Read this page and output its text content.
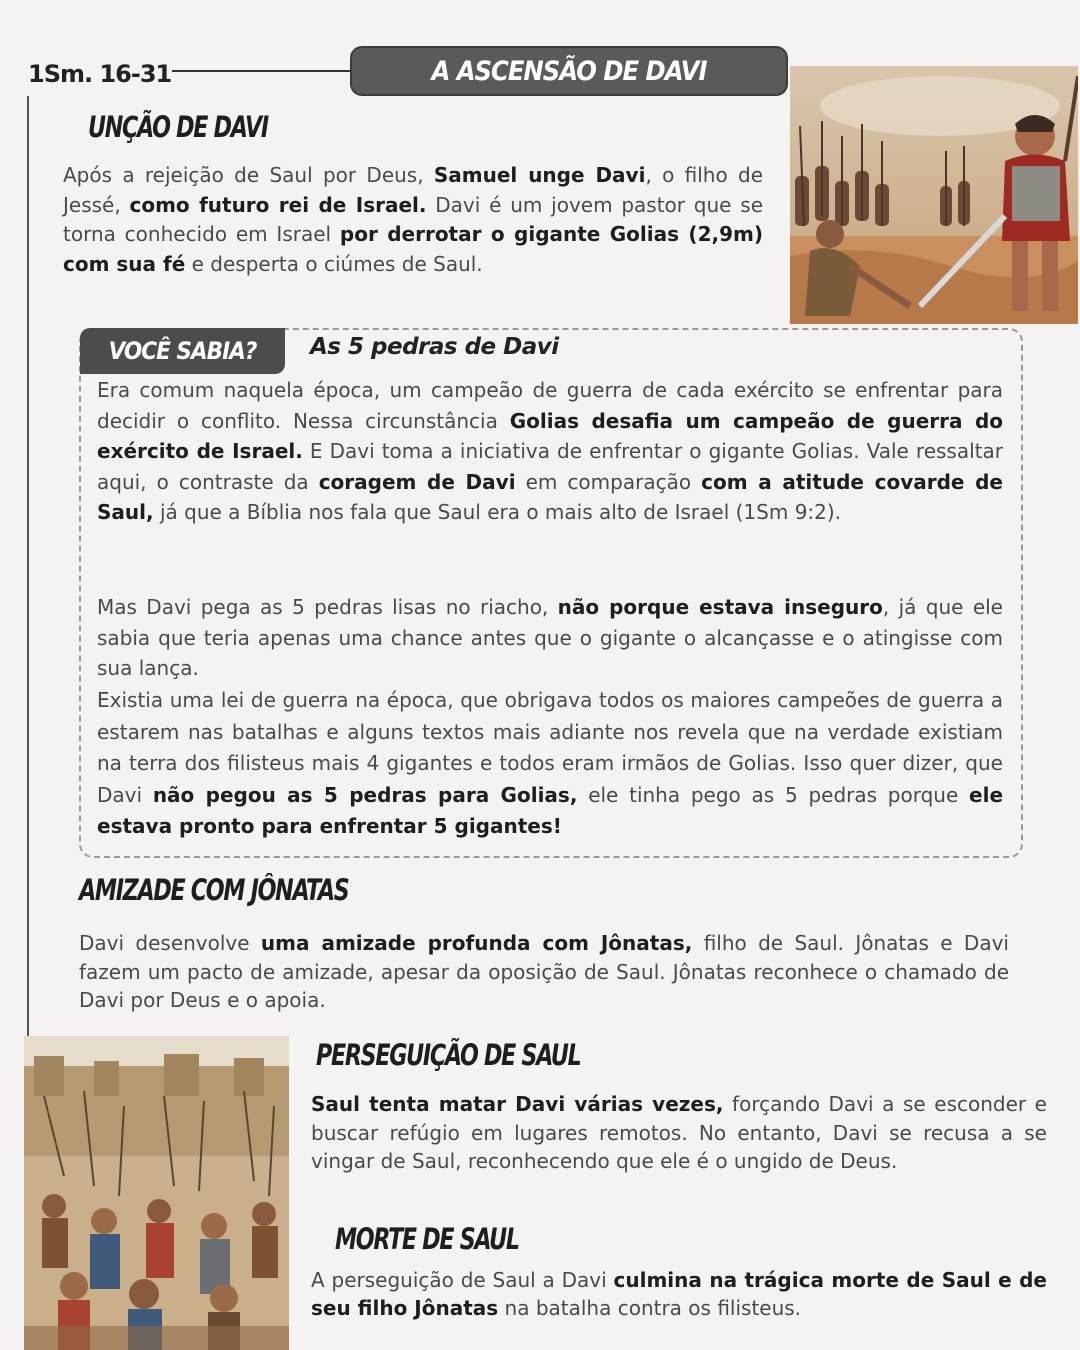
1Sm. 16-31	A ASCENSÃO DE DAVI
UNÇÃO DE DAVI
Após a rejeição de Saul por Deus, Samuel unge Davi, o filho de Jessé, como futuro rei de Israel. Davi é um jovem pastor que se torna conhecido em Israel por derrotar o gigante Golias (2,9m) com sua fé e desperta o ciúmes de Saul.
VOCÊ SABIA?	As 5 pedras de Davi
Era comum naquela época, um campeão de guerra de cada exército se enfrentar para decidir o conflito. Nessa circunstância Golias desafia um campeão de guerra do exército de Israel. E Davi toma a iniciativa de enfrentar o gigante Golias. Vale ressaltar aqui, o contraste da coragem de Davi em comparação com a atitude covarde de Saul, já que a Bíblia nos fala que Saul era o mais alto de Israel (1Sm 9:2).
Mas Davi pega as 5 pedras lisas no riacho, não porque estava inseguro, já que ele sabia que teria apenas uma chance antes que o gigante o alcançasse e o atingisse com sua lança.
Existia uma lei de guerra na época, que obrigava todos os maiores campeões de guerra a estarem nas batalhas e alguns textos mais adiante nos revela que na verdade existiam na terra dos filisteus mais 4 gigantes e todos eram irmãos de Golias. Isso quer dizer, que Davi não pegou as 5 pedras para Golias, ele tinha pego as 5 pedras porque ele estava pronto para enfrentar 5 gigantes!
AMIZADE COM JÔNATAS
Davi desenvolve uma amizade profunda com Jônatas, filho de Saul. Jônatas e Davi fazem um pacto de amizade, apesar da oposição de Saul. Jônatas reconhece o chamado de Davi por Deus e o apoia.
PERSEGUIÇÃO DE SAUL
Saul tenta matar Davi várias vezes, forçando Davi a se esconder e buscar refúgio em lugares remotos. No entanto, Davi se recusa a se vingar de Saul, reconhecendo que ele é o ungido de Deus.
MORTE DE SAUL
A perseguição de Saul a Davi culmina na trágica morte de Saul e de seu filho Jônatas na batalha contra os filisteus.
